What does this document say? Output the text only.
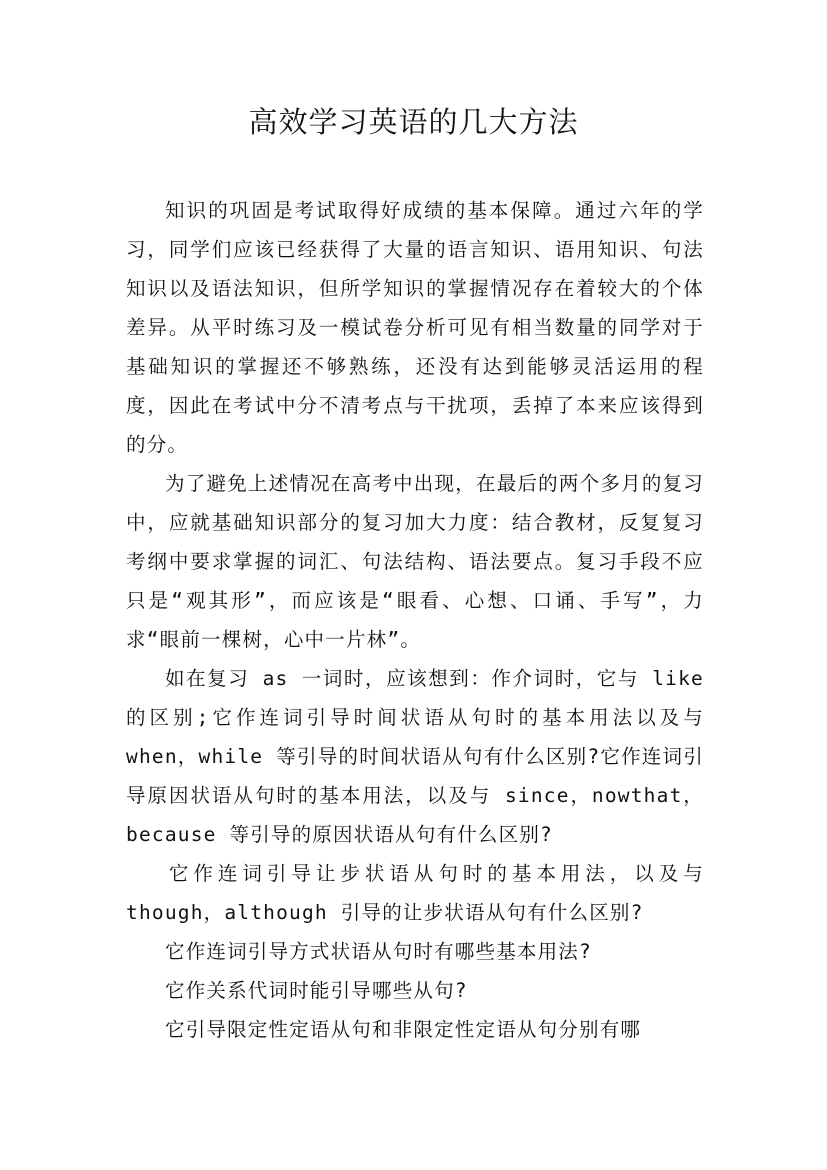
高效学习英语的几大方法

知识的巩固是考试取得好成绩的基本保障。通过六年的学习，同学们应该已经获得了大量的语言知识、语用知识、句法知识以及语法知识，但所学知识的掌握情况存在着较大的个体差异。从平时练习及一模试卷分析可见有相当数量的同学对于基础知识的掌握还不够熟练，还没有达到能够灵活运用的程度，因此在考试中分不清考点与干扰项，丢掉了本来应该得到的分。

为了避免上述情况在高考中出现，在最后的两个多月的复习中，应就基础知识部分的复习加大力度：结合教材，反复复习考纲中要求掌握的词汇、句法结构、语法要点。复习手段不应只是“观其形”，而应该是“眼看、心想、口诵、手写”，力求“眼前一棵树，心中一片林”。

如在复习 as 一词时，应该想到：作介词时，它与 like 的区别;它作连词引导时间状语从句时的基本用法以及与 when，while 等引导的时间状语从句有什么区别?它作连词引导原因状语从句时的基本用法，以及与 since，nowthat，because 等引导的原因状语从句有什么区别?

它作连词引导让步状语从句时的基本用法，以及与 though，although 引导的让步状语从句有什么区别?

它作连词引导方式状语从句时有哪些基本用法?

它作关系代词时能引导哪些从句?

它引导限定性定语从句和非限定性定语从句分别有哪
